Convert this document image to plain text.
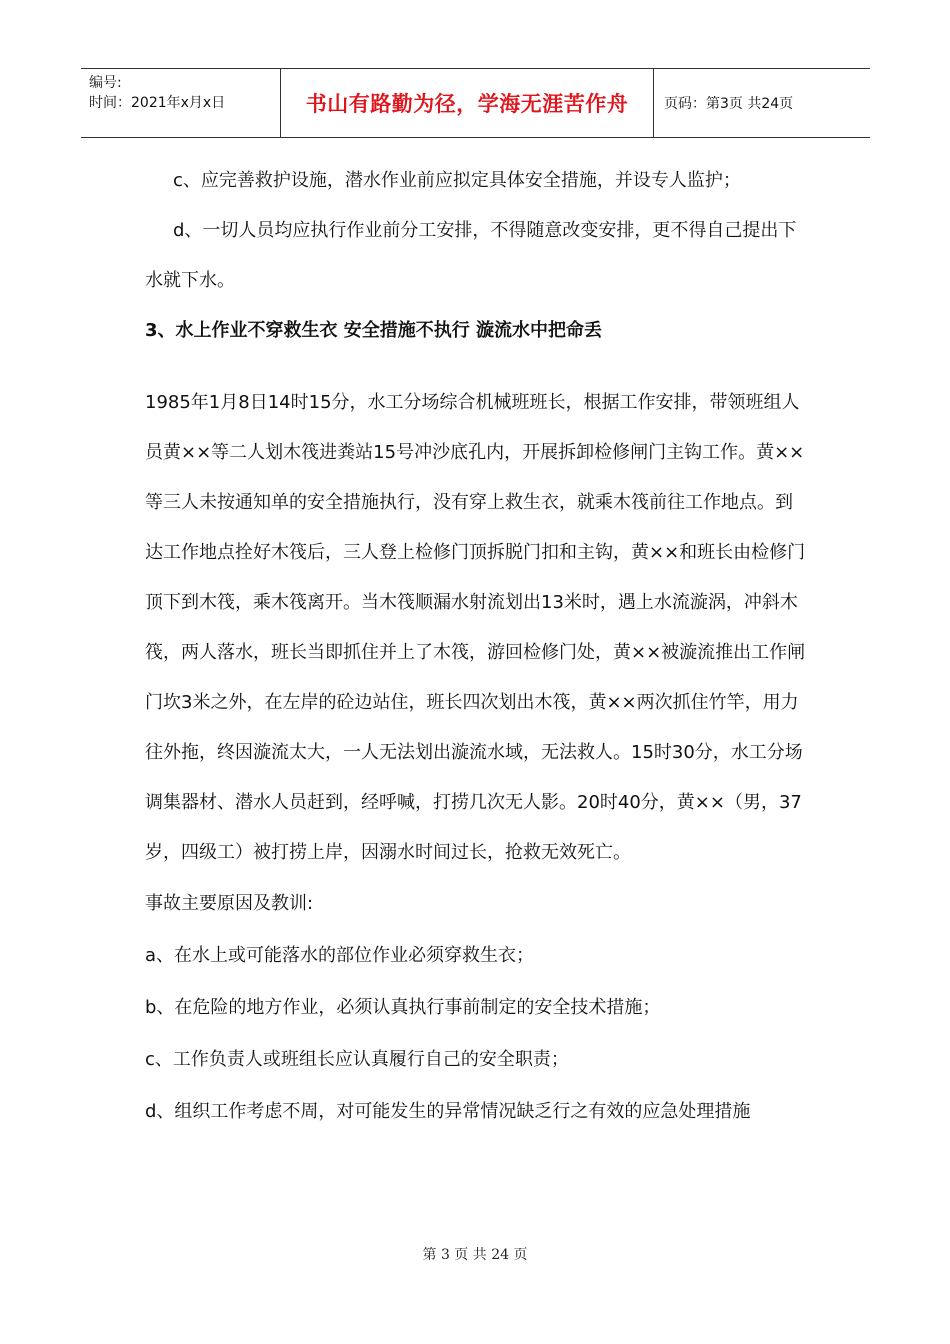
编号:
时间：2021年x月x日	书山有路勤为径，学海无涯苦作舟	页码：第3页 共24页

c、应完善救护设施，潜水作业前应拟定具体安全措施，并设专人监护；

d、一切人员均应执行作业前分工安排，不得随意改变安排，更不得自己提出下水就下水。

3、水上作业不穿救生衣 安全措施不执行 漩流水中把命丢

1985年1月8日14时15分，水工分场综合机械班班长，根据工作安排，带领班组人员黄××等二人划木筏进粪站15号冲沙底孔内，开展拆卸检修闸门主钩工作。黄××等三人未按通知单的安全措施执行，没有穿上救生衣，就乘木筏前往工作地点。到达工作地点拴好木筏后，三人登上检修门顶拆脱门扣和主钩，黄××和班长由检修门顶下到木筏，乘木筏离开。当木筏顺漏水射流划出13米时，遇上水流漩涡，冲斜木筏，两人落水，班长当即抓住并上了木筏，游回检修门处，黄××被漩流推出工作闸门坎3米之外，在左岸的砼边站住，班长四次划出木筏，黄××两次抓住竹竿，用力往外拖，终因漩流太大，一人无法划出漩流水域，无法救人。15时30分，水工分场调集器材、潜水人员赶到，经呼喊，打捞几次无人影。20时40分，黄××（男，37岁，四级工）被打捞上岸，因溺水时间过长，抢救无效死亡。

事故主要原因及教训:

a、在水上或可能落水的部位作业必须穿救生衣；

b、在危险的地方作业，必须认真执行事前制定的安全技术措施；

c、工作负责人或班组长应认真履行自己的安全职责；

d、组织工作考虑不周，对可能发生的异常情况缺乏行之有效的应急处理措施

第 3 页 共 24 页
